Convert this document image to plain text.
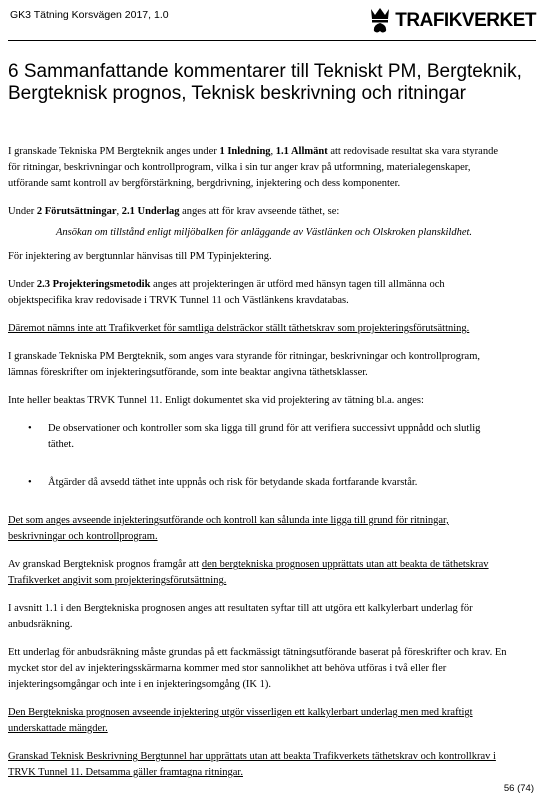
GK3 Tätning Korsvägen 2017, 1.0	TRAFIKVERKET
6 Sammanfattande kommentarer till Tekniskt PM, Bergteknik, Bergteknisk prognos, Teknisk beskrivning och ritningar

I granskade Tekniska PM Bergteknik anges under 1 Inledning, 1.1 Allmänt att redovisade resultat ska vara styrande för ritningar, beskrivningar och kontrollprogram, vilka i sin tur anger krav på utformning, materialegenskaper, utförande samt kontroll av bergförstärkning, bergdrivning, injektering och dess komponenter.

Under 2 Förutsättningar, 2.1 Underlag anges att för krav avseende täthet, se:

Ansökan om tillstånd enligt miljöbalken för anläggande av Västlänken och Olskroken planskildhet.

För injektering av bergtunnlar hänvisas till PM Typinjektering.

Under 2.3 Projekteringsmetodik anges att projekteringen är utförd med hänsyn tagen till allmänna och objektspecifika krav redovisade i TRVK Tunnel 11 och Västlänkens kravdatabas.

Däremot nämns inte att Trafikverket för samtliga delsträckor ställt täthetskrav som projekteringsförutsättning.

I granskade Tekniska PM Bergteknik, som anges vara styrande för ritningar, beskrivningar och kontrollprogram, lämnas föreskrifter om injekteringsutförande, som inte beaktar angivna täthetsklasser.

Inte heller beaktas TRVK Tunnel 11. Enligt dokumentet ska vid projektering av tätning bl.a. anges:

• De observationer och kontroller som ska ligga till grund för att verifiera successivt uppnådd och slutlig täthet.
• Åtgärder då avsedd täthet inte uppnås och risk för betydande skada fortfarande kvarstår.

Det som anges avseende injekteringsutförande och kontroll kan sålunda inte ligga till grund för ritningar, beskrivningar och kontrollprogram.

Av granskad Bergteknisk prognos framgår att den bergtekniska prognosen upprättats utan att beakta de täthetskrav Trafikverket angivit som projekteringsförutsättning.

I avsnitt 1.1 i den Bergtekniska prognosen anges att resultaten syftar till att utgöra ett kalkylerbart underlag för anbudsräkning.

Ett underlag för anbudsräkning måste grundas på ett fackmässigt tätningsutförande baserat på föreskrifter och krav. En mycket stor del av injekteringsskärmarna kommer med stor sannolikhet att behöva utföras i två eller fler injekteringsomgångar och inte i en injekteringsomgång (IK 1).

Den Bergtekniska prognosen avseende injektering utgör visserligen ett kalkylerbart underlag men med kraftigt underskattade mängder.

Granskad Teknisk Beskrivning Bergtunnel har upprättats utan att beakta Trafikverkets täthetskrav och kontrollkrav i TRVK Tunnel 11. Detsamma gäller framtagna ritningar.

56 (74)
